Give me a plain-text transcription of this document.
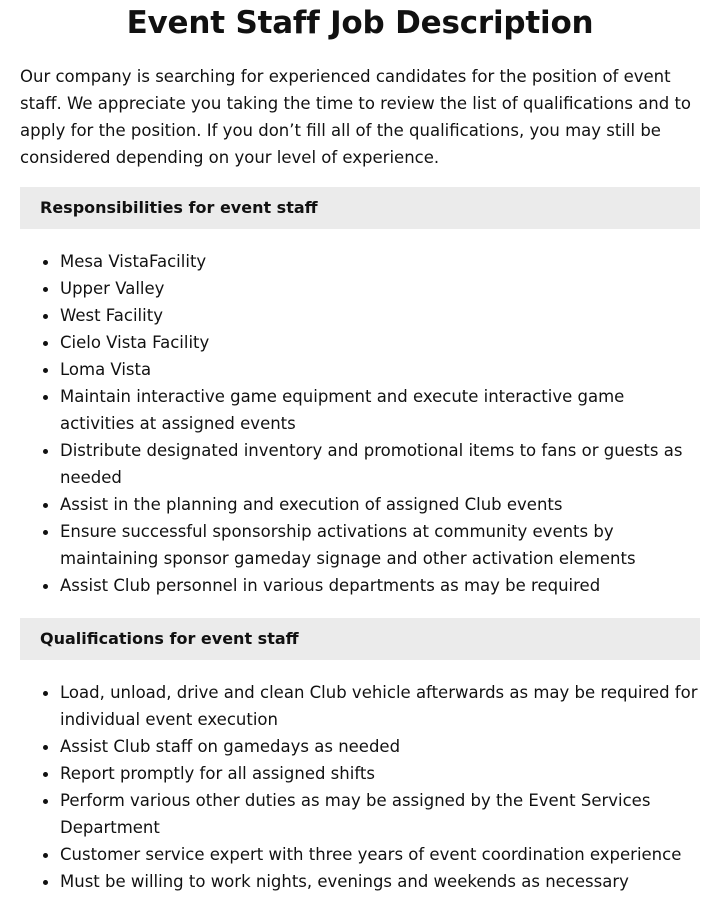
Event Staff Job Description

Our company is searching for experienced candidates for the position of event staff. We appreciate you taking the time to review the list of qualifications and to apply for the position. If you don’t fill all of the qualifications, you may still be considered depending on your level of experience.

Responsibilities for event staff
Mesa VistaFacility
Upper Valley
West Facility
Cielo Vista Facility
Loma Vista
Maintain interactive game equipment and execute interactive game activities at assigned events
Distribute designated inventory and promotional items to fans or guests as needed
Assist in the planning and execution of assigned Club events
Ensure successful sponsorship activations at community events by maintaining sponsor gameday signage and other activation elements
Assist Club personnel in various departments as may be required
Qualifications for event staff
Load, unload, drive and clean Club vehicle afterwards as may be required for individual event execution
Assist Club staff on gamedays as needed
Report promptly for all assigned shifts
Perform various other duties as may be assigned by the Event Services Department
Customer service expert with three years of event coordination experience
Must be willing to work nights, evenings and weekends as necessary
